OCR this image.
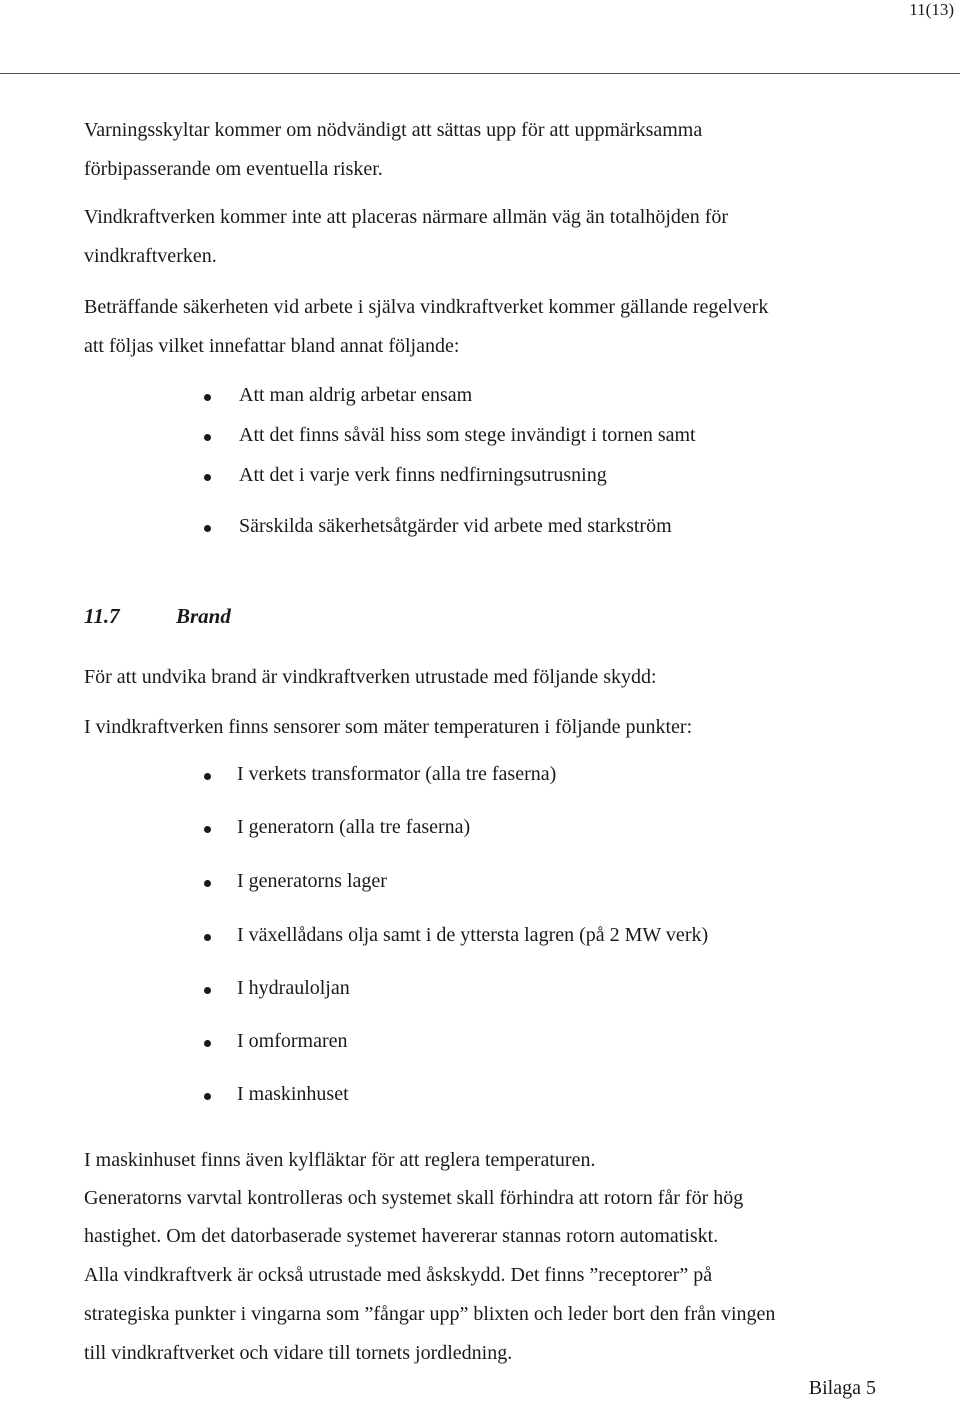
11(13)

Varningsskyltar kommer om nödvändigt att sättas upp för att uppmärksamma

förbipasserande om eventuella risker.

Vindkraftverken kommer inte att placeras närmare allmän väg än totalhöjden för

vindkraftverken.

Beträffande säkerheten vid arbete i själva vindkraftverket kommer gällande regelverk

att följas vilket innefattar bland annat följande:

Att man aldrig arbetar ensam

Att det finns såväl hiss som stege invändigt i tornen samt

Att det i varje verk finns nedfirningsutrusning

Särskilda säkerhetsåtgärder vid arbete med starkström

11.7	Brand

För att undvika brand är vindkraftverken utrustade med följande skydd:

I vindkraftverken finns sensorer som mäter temperaturen i följande punkter:

I verkets transformator (alla tre faserna)

I generatorn (alla tre faserna)

I generatorns lager

I växellådans olja samt i de yttersta lagren (på 2 MW verk)

I hydrauloljan

I omformaren

I maskinhuset

I maskinhuset finns även kylfläktar för att reglera temperaturen.

Generatorns varvtal kontrolleras och systemet skall förhindra att rotorn får för hög

hastighet. Om det datorbaserade systemet havererar stannas rotorn automatiskt.

Alla vindkraftverk är också utrustade med åskskydd. Det finns ”receptorer” på

strategiska punkter i vingarna som ”fångar upp” blixten och leder bort den från vingen

till vindkraftverket och vidare till tornets jordledning.

Bilaga 5
